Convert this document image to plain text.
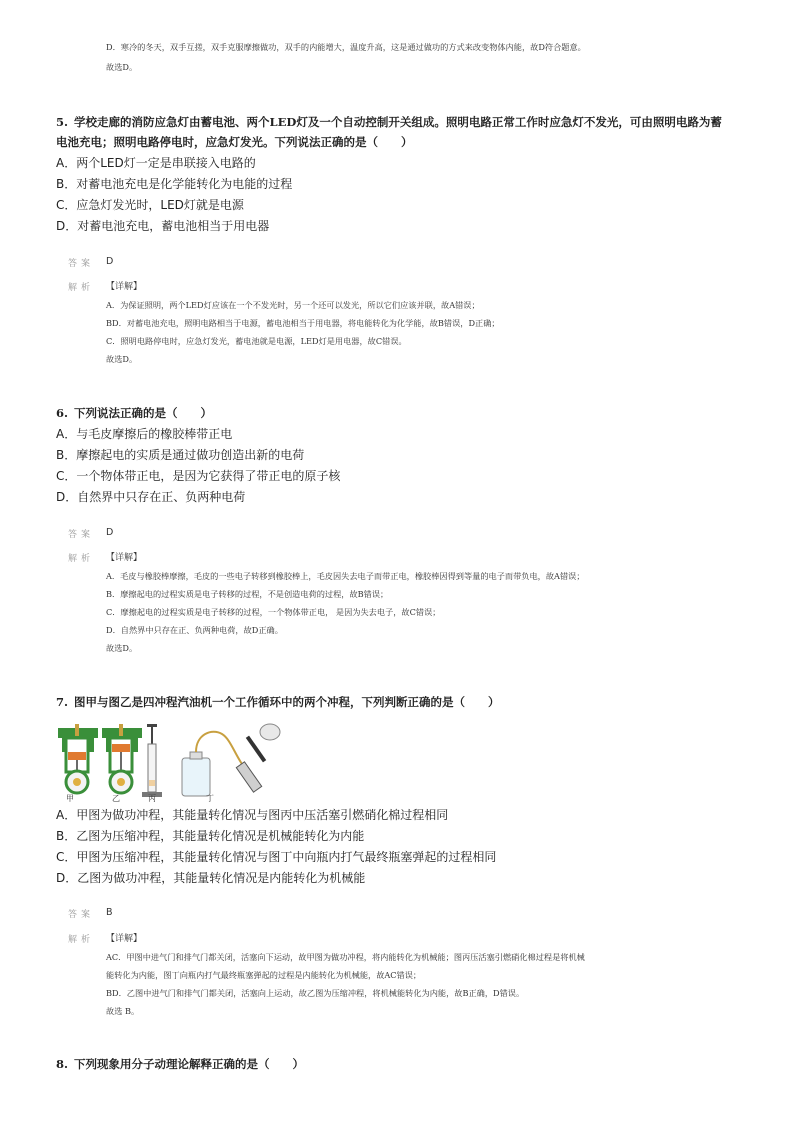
D．寒冷的冬天，双手互搓，双手克服摩擦做功，双手的内能增大，温度升高，这是通过做功的方式来改变物体内能，故D符合题意。
故选D。
5. 学校走廊的消防应急灯由蓄电池、两个LED灯及一个自动控制开关组成。照明电路正常工作时应急灯不发光，可由照明电路为蓄
电池充电；照明电路停电时，应急灯发光。下列说法正确的是（　　）
A．两个LED灯一定是串联接入电路的
B．对蓄电池充电是化学能转化为电能的过程
C．应急灯发光时，LED灯就是电源
D．对蓄电池充电，蓄电池相当于用电器
答案 D
解析 【详解】
A．为保证照明，两个LED灯应该在一个不发光时，另一个还可以发光，所以它们应该并联，故A错误；
BD．对蓄电池充电，照明电路相当于电源，蓄电池相当于用电器，将电能转化为化学能，故B错误，D正确；
C．照明电路停电时，应急灯发光，蓄电池就是电源，LED灯是用电器，故C错误。
故选D。
6. 下列说法正确的是（　　）
A．与毛皮摩擦后的橡胶棒带正电
B．摩擦起电的实质是通过做功创造出新的电荷
C．一个物体带正电，是因为它获得了带正电的原子核
D．自然界中只存在正、负两种电荷
答案 D
解析 【详解】
A．毛皮与橡胶棒摩擦，毛皮的一些电子转移到橡胶棒上，毛皮因失去电子而带正电，橡胶棒因得到等量的电子而带负电，故A错误；
B．摩擦起电的过程实质是电子转移的过程，不是创造电荷的过程，故B错误；
C．摩擦起电的过程实质是电子转移的过程，一个物体带正电， 是因为失去电子，故C错误；
D．自然界中只存在正、负两种电荷，故D正确。
故选D。
7. 图甲与图乙是四冲程汽油机一个工作循环中的两个冲程，下列判断正确的是（　　）
甲	乙	丙	丁
A．甲图为做功冲程，其能量转化情况与图丙中压活塞引燃硝化棉过程相同
B．乙图为压缩冲程，其能量转化情况是机械能转化为内能
C．甲图为压缩冲程，其能量转化情况与图丁中向瓶内打气最终瓶塞弹起的过程相同
D．乙图为做功冲程，其能量转化情况是内能转化为机械能
答案 B
解析 【详解】
AC．甲图中进气门和排气门都关闭，活塞向下运动，故甲图为做功冲程，将内能转化为机械能；图丙压活塞引燃硝化棉过程是将机械
能转化为内能，图丁向瓶内打气最终瓶塞弹起的过程是内能转化为机械能，故AC错误；
BD．乙图中进气门和排气门都关闭，活塞向上运动，故乙图为压缩冲程，将机械能转化为内能，故B正确，D错误。
故选 B。
8. 下列现象用分子动理论解释正确的是（　　）
